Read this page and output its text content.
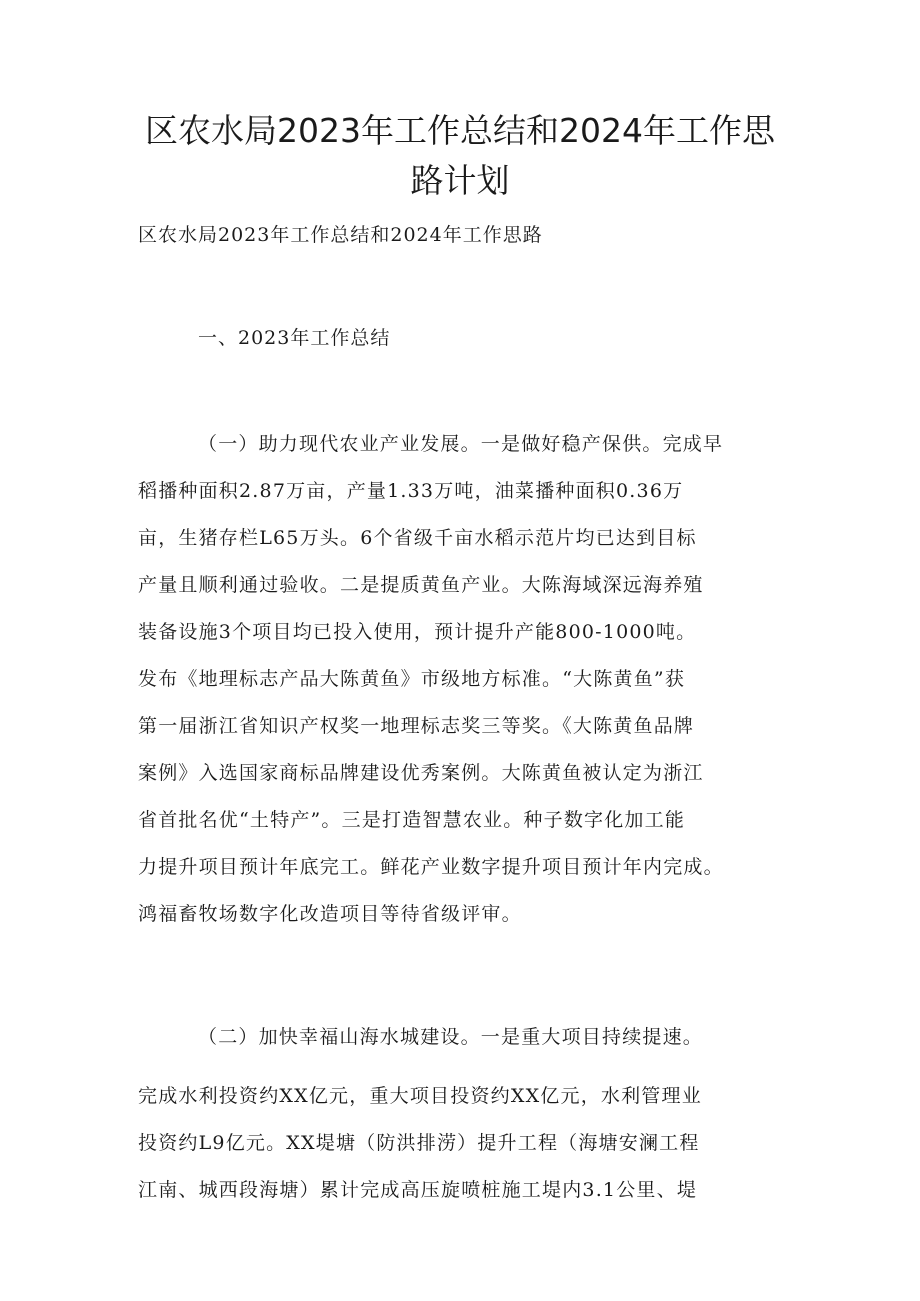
区农水局2023年工作总结和2024年工作思
路计划
区农水局2023年工作总结和2024年工作思路
一、2023年工作总结
（一）助力现代农业产业发展。一是做好稳产保供。完成早
稻播种面积2.87万亩，产量1.33万吨，油菜播种面积0.36万
亩，生猪存栏L65万头。6个省级千亩水稻示范片均已达到目标
产量且顺利通过验收。二是提质黄鱼产业。大陈海域深远海养殖
装备设施3个项目均已投入使用，预计提升产能800-1000吨。
发布《地理标志产品大陈黄鱼》市级地方标准。“大陈黄鱼”获
第一届浙江省知识产权奖一地理标志奖三等奖。《大陈黄鱼品牌
案例》入选国家商标品牌建设优秀案例。大陈黄鱼被认定为浙江
省首批名优“土特产”。三是打造智慧农业。种子数字化加工能
力提升项目预计年底完工。鲜花产业数字提升项目预计年内完成。
鸿福畜牧场数字化改造项目等待省级评审。
（二）加快幸福山海水城建设。一是重大项目持续提速。
完成水利投资约XX亿元，重大项目投资约XX亿元，水利管理业
投资约L9亿元。XX堤塘（防洪排涝）提升工程（海塘安澜工程
江南、城西段海塘）累计完成高压旋喷桩施工堤内3.1公里、堤
